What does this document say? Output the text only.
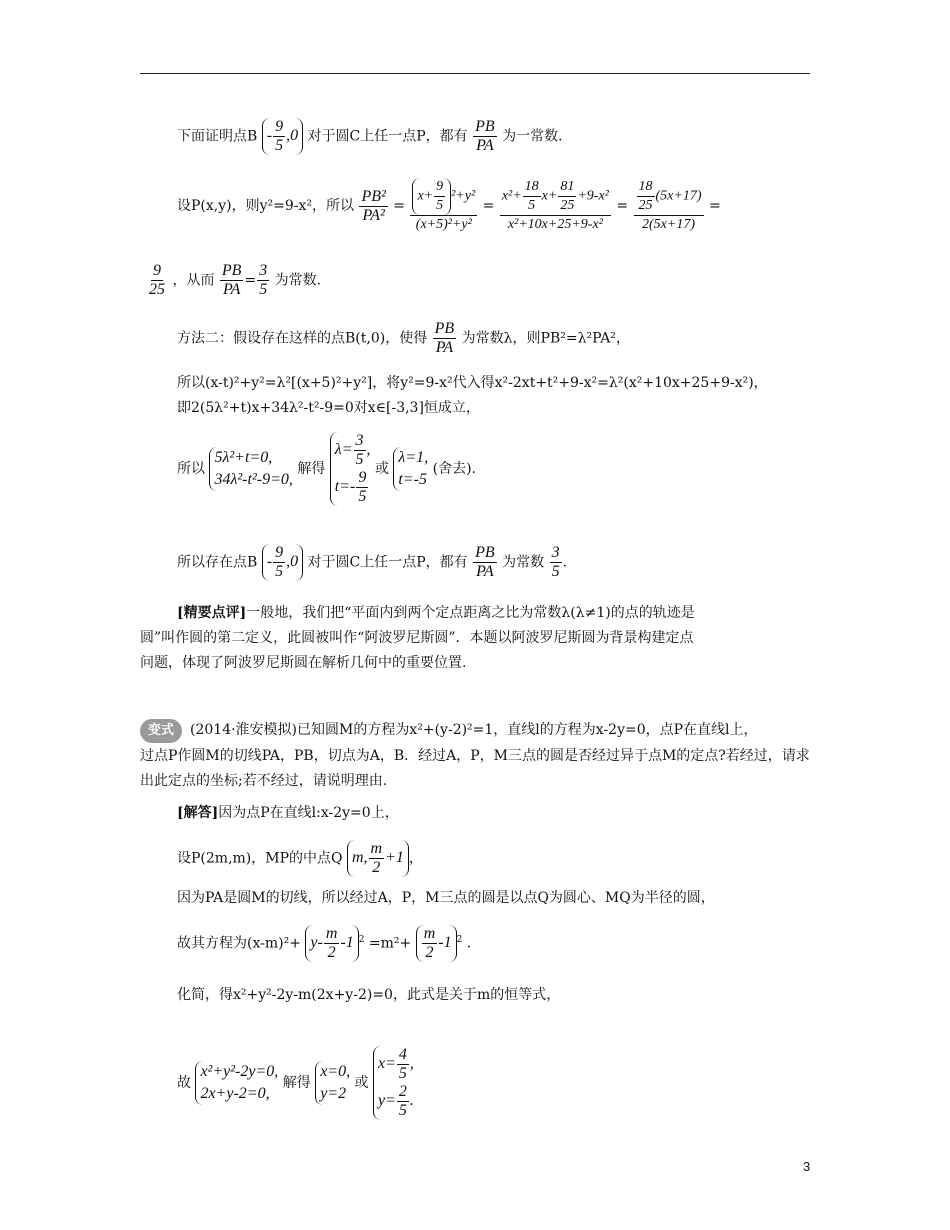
下面证明点B - $\frac{9}{5} ,0$ 对于圆C上任一点P，都有 $\frac{PB}{PA}$ 为一常数.
设P(x,y)，则y²=9-x²，所以 $\frac{\text{PB²}}{\text{PA²}} = \frac{x+ \frac{9}{5} ^2+y^2}{\text{(x+5)²+y²}} = \frac{x^2+ \frac{18}{5} x+ \frac{81}{25} +9-x^2}{\text{x²+10x+25+9-x²}} = \frac{\frac{18}{25} (5x+17)}{2(5x+17)}$ =
$\frac{9}{25}$ ，从而 $\frac{PB}{PA} = \frac{3}{5}$ 为常数.
方法二：假设存在这样的点B(t,0)，使得 $\frac{PB}{PA}$ 为常数λ，则PB²=λ²PA²，
所以(x-t)²+y²=λ²[(x+5)²+y²]，将y²=9-x²代入得x²-2xt+t²+9-x²=λ²(x²+10x+25+9-x²)，
即2(5λ²+t)x+34λ²-t²-9=0对x∈[-3,3]恒成立，
所以
5λ²+t=0,
34λ²-t²-9=0,
解得
$\lambda= \frac{3}{5}$ ,
$t=- \frac{9}{5}$ 或
λ=1,
t=-5
(舍去).
所以存在点B - $\frac{9}{5} ,0$ 对于圆C上任一点P，都有 $\frac{PB}{PA}$ 为常数 $\frac{3}{5}$ .
[精要点评]一般地，我们把“平面内到两个定点距离之比为常数λ(λ≠1)的点的轨迹是
圆”叫作圆的第二定义，此圆被叫作“阿波罗尼斯圆”．本题以阿波罗尼斯圆为背景构建定点
问题，体现了阿波罗尼斯圆在解析几何中的重要位置.
变式 (2014·淮安模拟)已知圆M的方程为x²+(y-2)²=1，直线l的方程为x-2y=0，点P在直线l上，
过点P作圆M的切线PA，PB，切点为A，B．经过A，P，M三点的圆是否经过异于点M的定点?若经过，请求
出此定点的坐标;若不经过，请说明理由.
[解答]因为点P在直线l:x-2y=0上，
设P(2m,m)，MP的中点Q m, $\frac{m}{2} +1$ ，
因为PA是圆M的切线，所以经过A，P，M三点的圆是以点Q为圆心、MQ为半径的圆，
故其方程为$(x-m)^2+ y- \frac{m}{2} -1$ $^2 =m^2+ \frac{m}{2} -1$ $^2$ .
化简，得x²+y²-2y-m(2x+y-2)=0，此式是关于m的恒等式，
故
x²+y²-2y=0,
2x+y-2=0,
解得
x=0,
y=2
或
$x= \frac{4}{5}$ ,
$y= \frac{2}{5}$ .
3
